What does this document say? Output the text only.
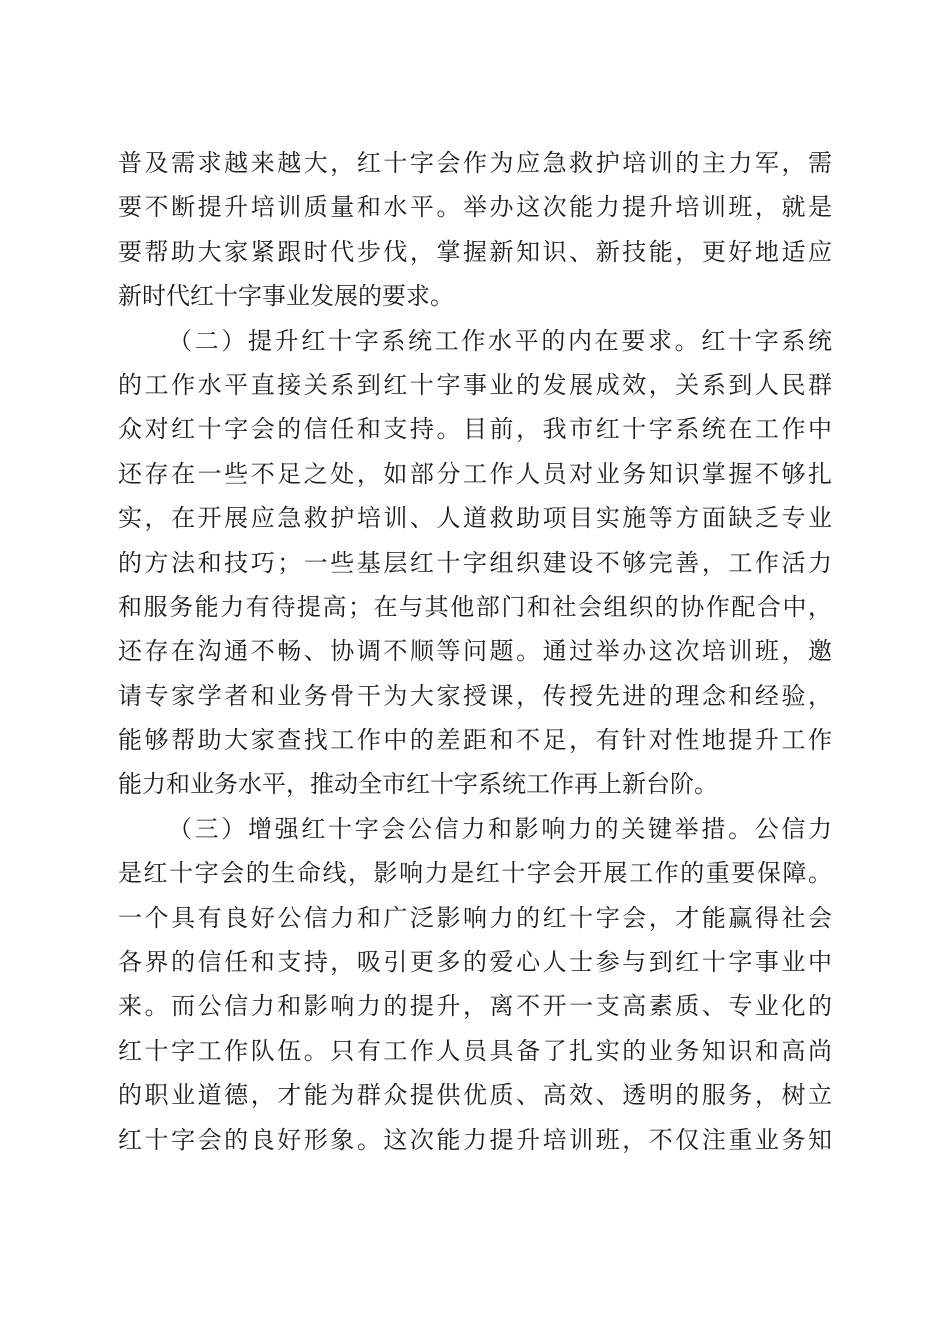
普及需求越来越大，红十字会作为应急救护培训的主力军，需
要不断提升培训质量和水平。举办这次能力提升培训班，就是
要帮助大家紧跟时代步伐，掌握新知识、新技能，更好地适应
新时代红十字事业发展的要求。
（二）提升红十字系统工作水平的内在要求。红十字系统
的工作水平直接关系到红十字事业的发展成效，关系到人民群
众对红十字会的信任和支持。目前，我市红十字系统在工作中
还存在一些不足之处，如部分工作人员对业务知识掌握不够扎
实，在开展应急救护培训、人道救助项目实施等方面缺乏专业
的方法和技巧；一些基层红十字组织建设不够完善，工作活力
和服务能力有待提高；在与其他部门和社会组织的协作配合中，
还存在沟通不畅、协调不顺等问题。通过举办这次培训班，邀
请专家学者和业务骨干为大家授课，传授先进的理念和经验，
能够帮助大家查找工作中的差距和不足，有针对性地提升工作
能力和业务水平，推动全市红十字系统工作再上新台阶。
（三）增强红十字会公信力和影响力的关键举措。公信力
是红十字会的生命线，影响力是红十字会开展工作的重要保障。
一个具有良好公信力和广泛影响力的红十字会，才能赢得社会
各界的信任和支持，吸引更多的爱心人士参与到红十字事业中
来。而公信力和影响力的提升，离不开一支高素质、专业化的
红十字工作队伍。只有工作人员具备了扎实的业务知识和高尚
的职业道德，才能为群众提供优质、高效、透明的服务，树立
红十字会的良好形象。这次能力提升培训班，不仅注重业务知
